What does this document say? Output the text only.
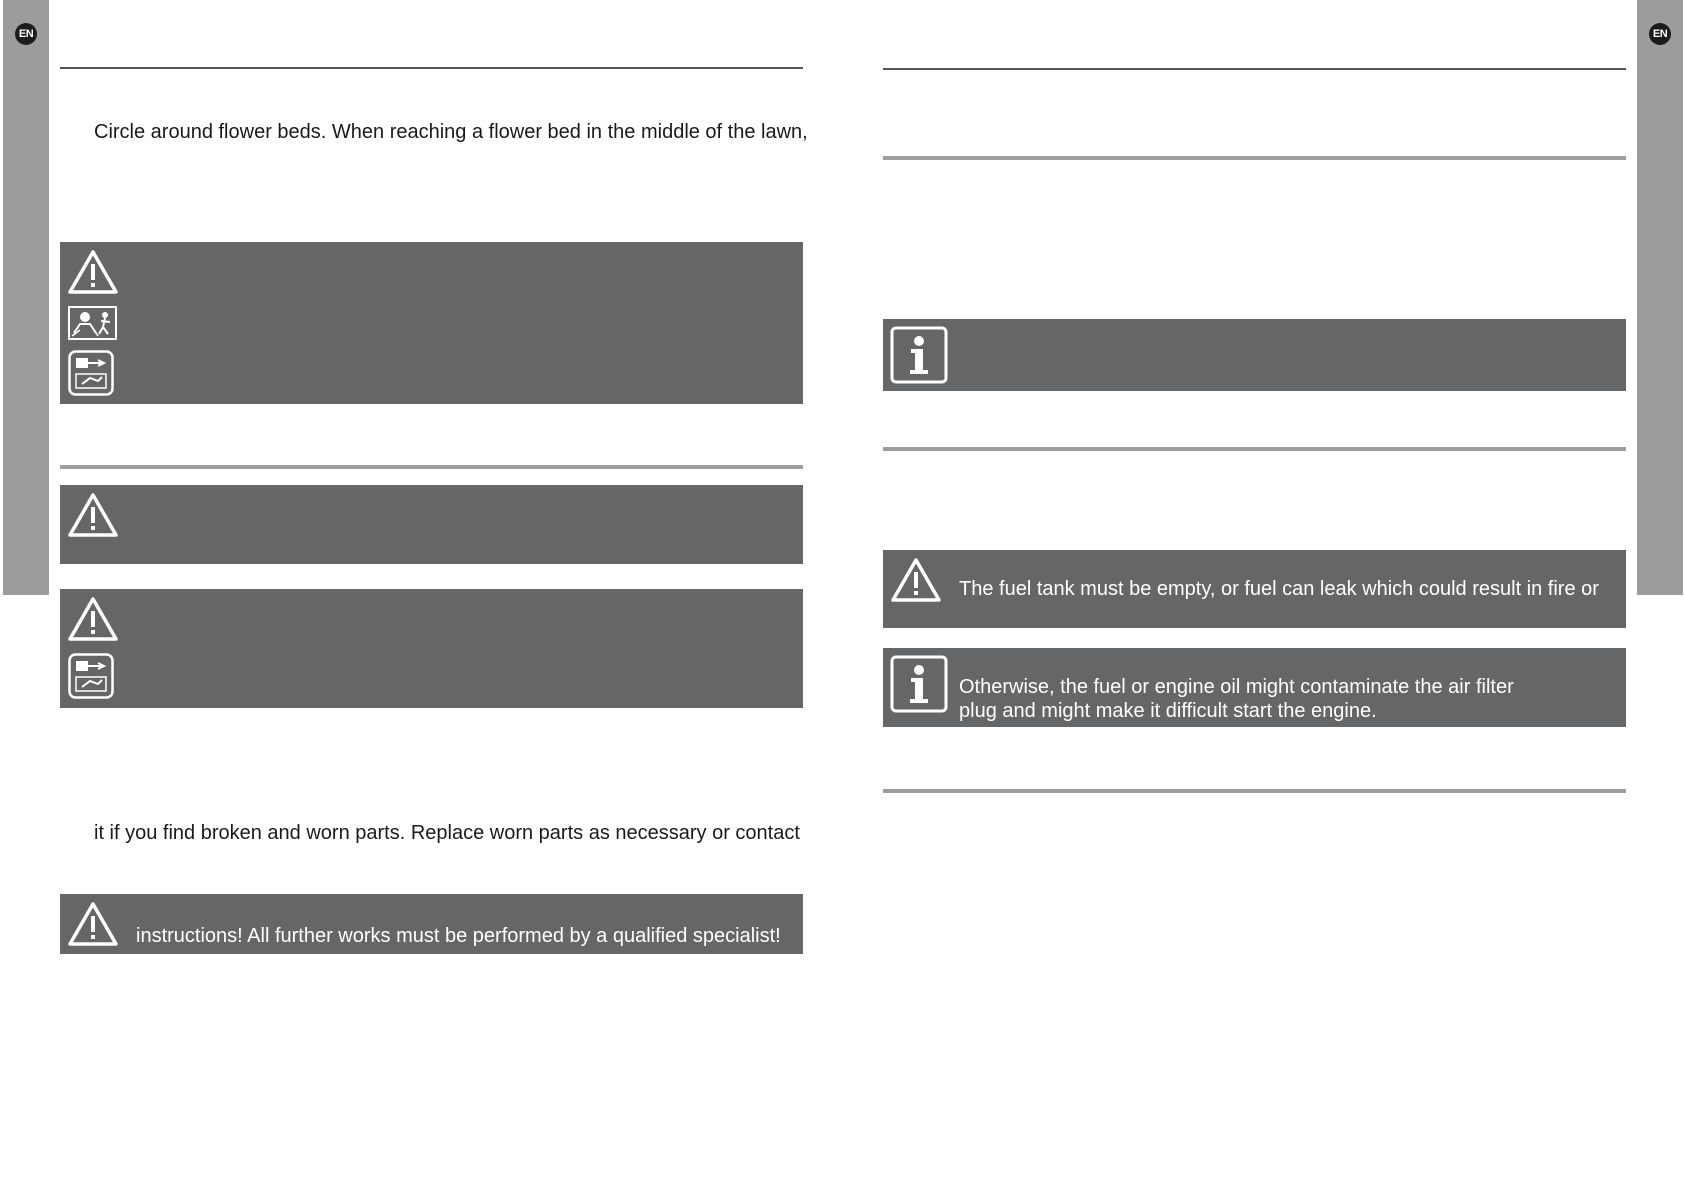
EN	EN
Circle around flower beds. When reaching a flower bed in the middle of the lawn,
it if you find broken and worn parts. Replace worn parts as necessary or contact
instructions! All further works must be performed by a qualified specialist!
The fuel tank must be empty, or fuel can leak which could result in fire or
Otherwise, the fuel or engine oil might contaminate the air filter
plug and might make it difficult start the engine.
